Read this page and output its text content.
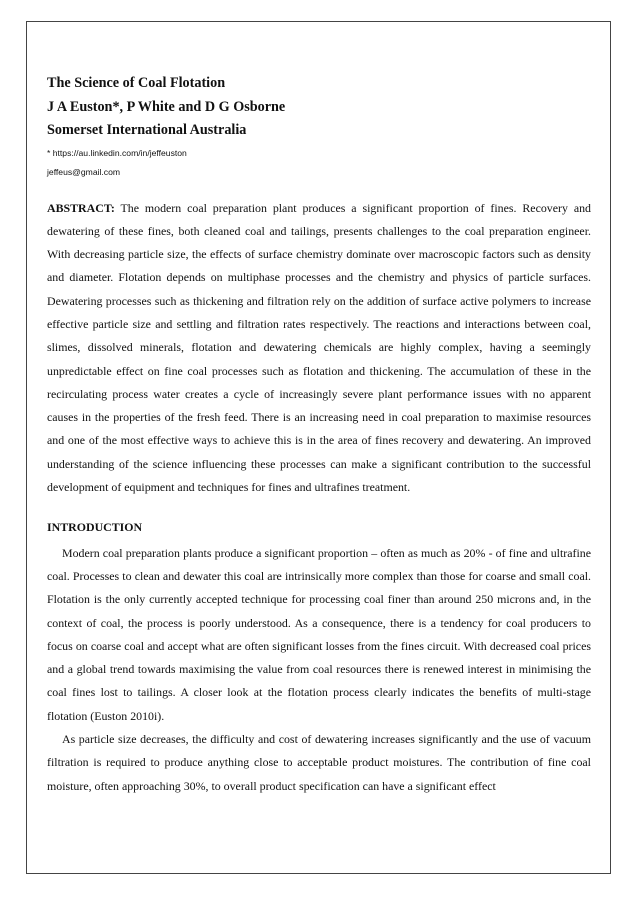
The Science of Coal Flotation

J A Euston*, P White and D G Osborne

Somerset International Australia

* https://au.linkedin.com/in/jeffeuston

jeffeus@gmail.com

ABSTRACT: The modern coal preparation plant produces a significant proportion of fines. Recovery and dewatering of these fines, both cleaned coal and tailings, presents challenges to the coal preparation engineer. With decreasing particle size, the effects of surface chemistry dominate over macroscopic factors such as density and diameter. Flotation depends on multiphase processes and the chemistry and physics of particle surfaces. Dewatering processes such as thickening and filtration rely on the addition of surface active polymers to increase effective particle size and settling and filtration rates respectively. The reactions and interactions between coal, slimes, dissolved minerals, flotation and dewatering chemicals are highly complex, having a seemingly unpredictable effect on fine coal processes such as flotation and thickening. The accumulation of these in the recirculating process water creates a cycle of increasingly severe plant performance issues with no apparent causes in the properties of the fresh feed. There is an increasing need in coal preparation to maximise resources and one of the most effective ways to achieve this is in the area of fines recovery and dewatering. An improved understanding of the science influencing these processes can make a significant contribution to the successful development of equipment and techniques for fines and ultrafines treatment.

INTRODUCTION

Modern coal preparation plants produce a significant proportion – often as much as 20% - of fine and ultrafine coal. Processes to clean and dewater this coal are intrinsically more complex than those for coarse and small coal. Flotation is the only currently accepted technique for processing coal finer than around 250 microns and, in the context of coal, the process is poorly understood. As a consequence, there is a tendency for coal producers to focus on coarse coal and accept what are often significant losses from the fines circuit. With decreased coal prices and a global trend towards maximising the value from coal resources there is renewed interest in minimising the coal fines lost to tailings. A closer look at the flotation process clearly indicates the benefits of multi-stage flotation (Euston 2010i).

As particle size decreases, the difficulty and cost of dewatering increases significantly and the use of vacuum filtration is required to produce anything close to acceptable product moistures. The contribution of fine coal moisture, often approaching 30%, to overall product specification can have a significant effect
